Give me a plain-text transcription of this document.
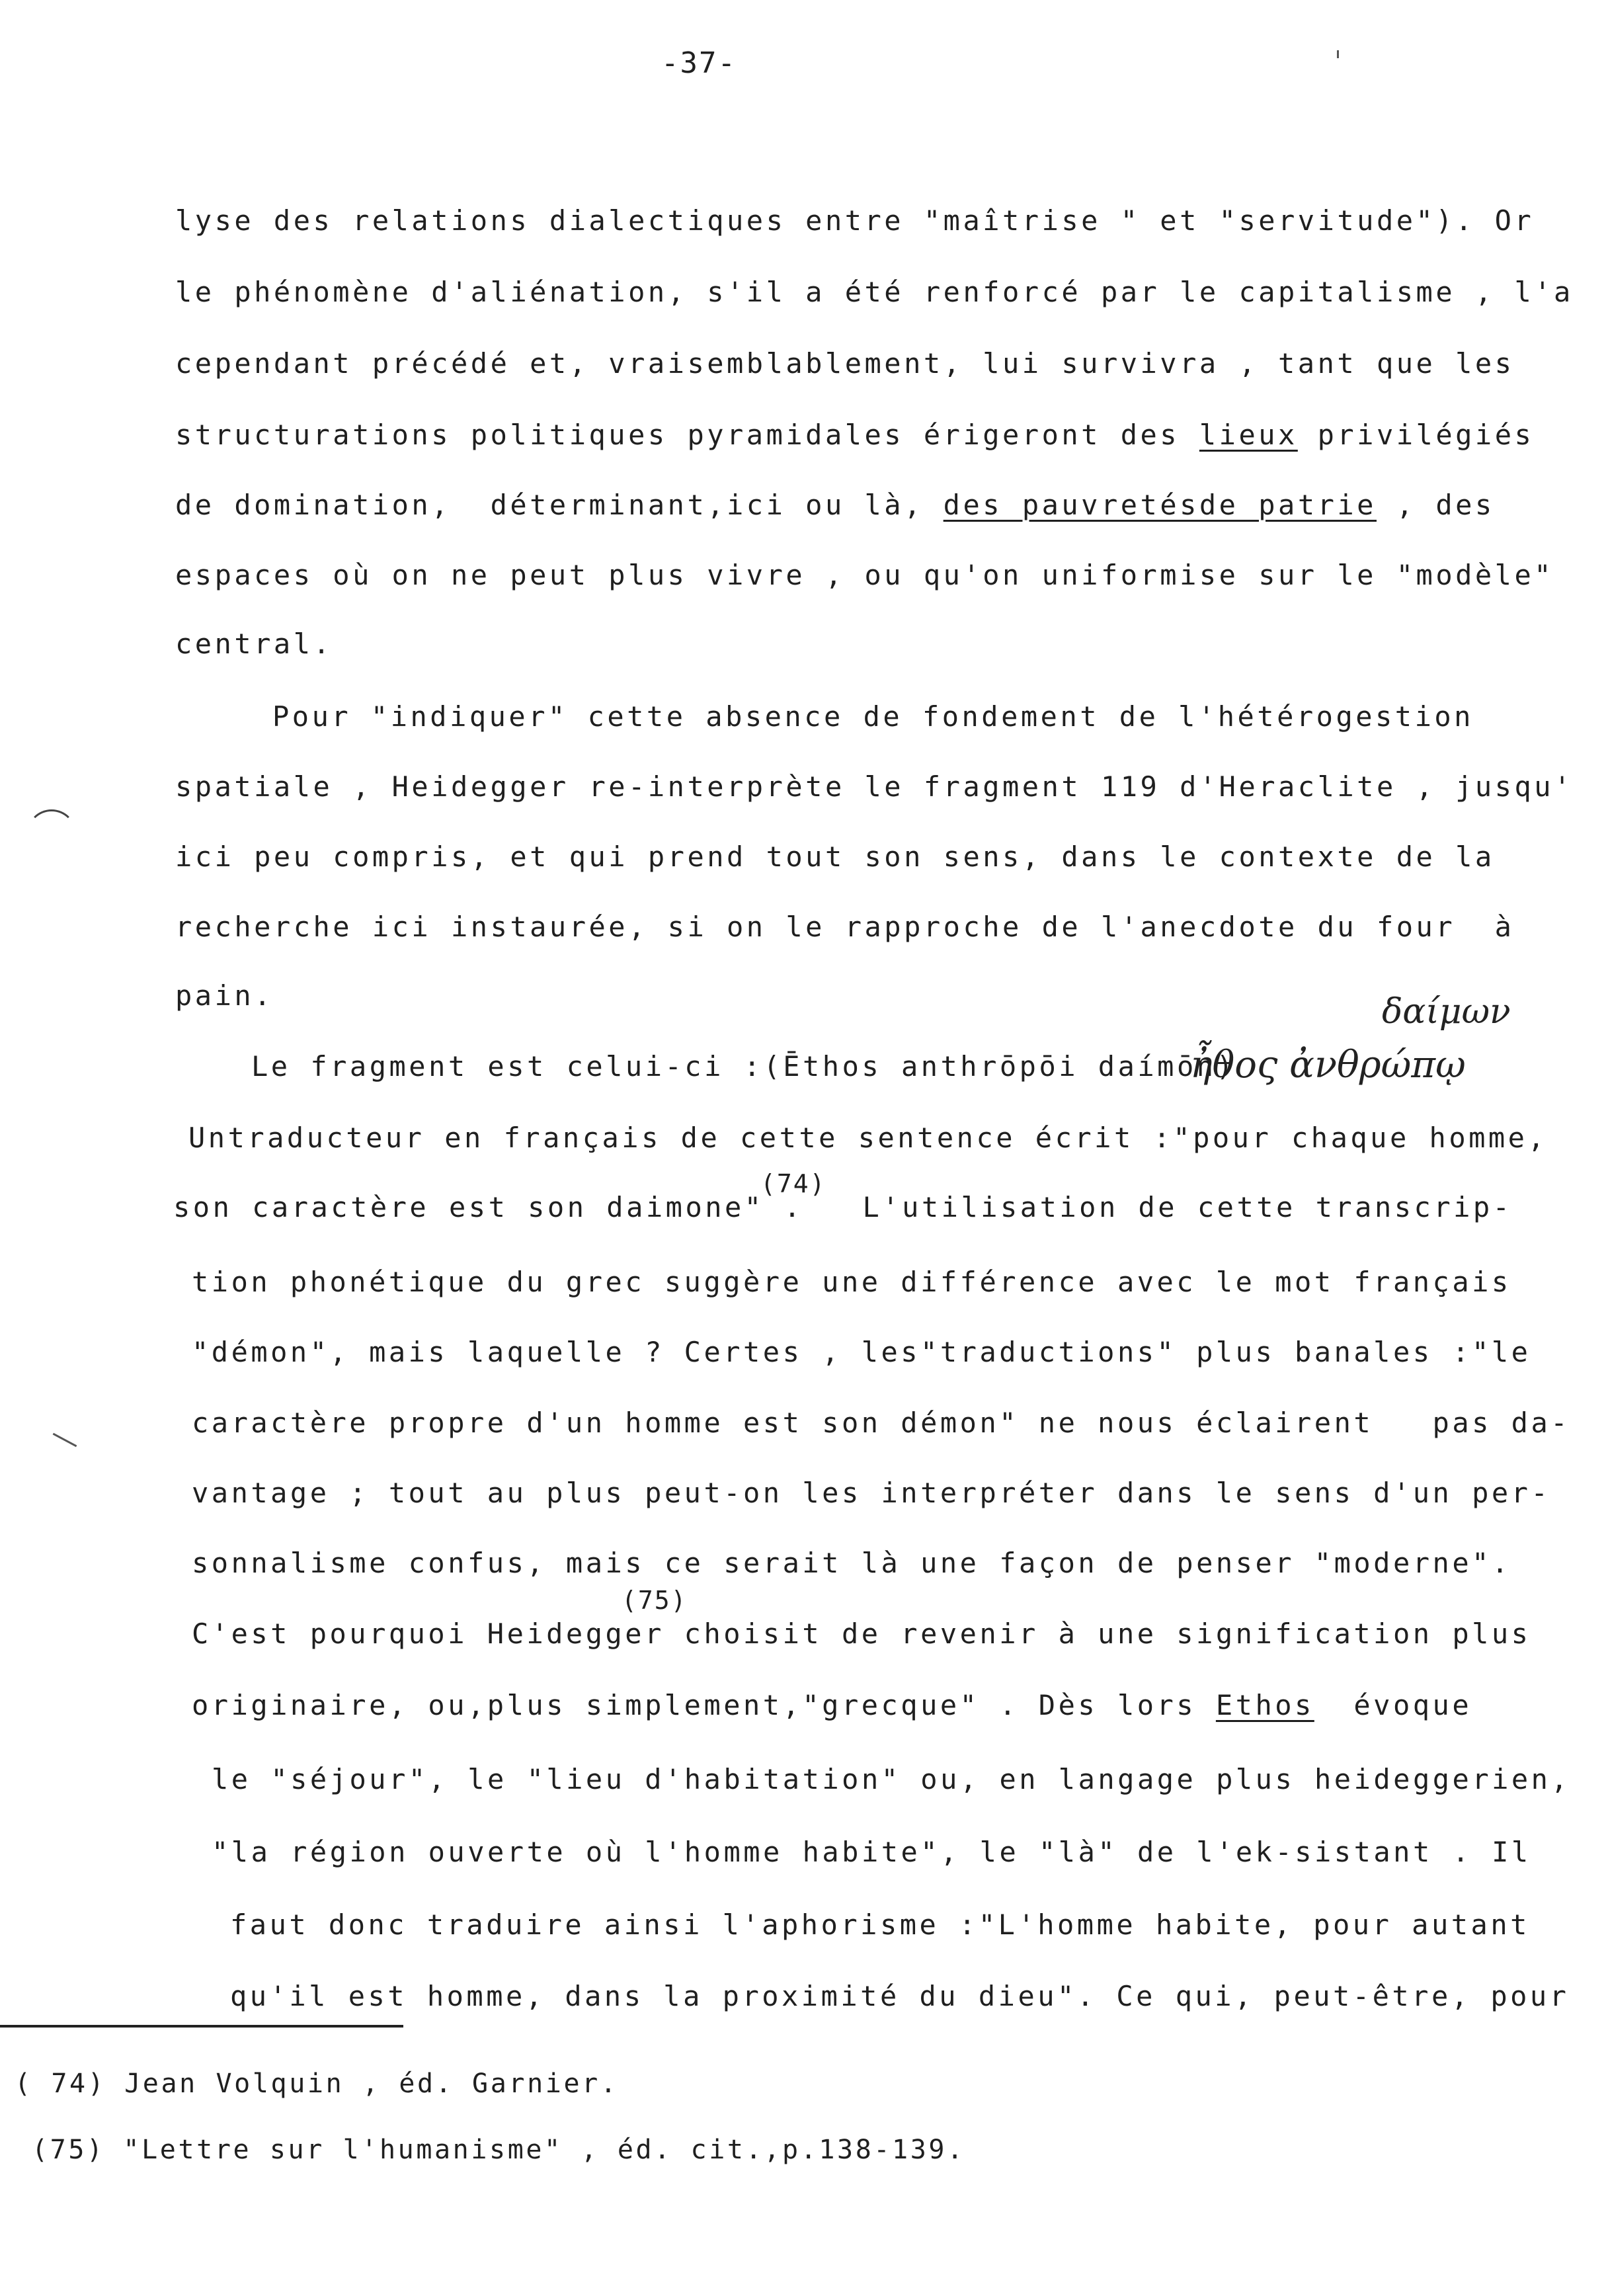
-37-
lyse des relations dialectiques entre "maîtrise " et "servitude"). Or
le phénomène d'aliénation, s'il a été renforcé par le capitalisme , l'a
cependant précédé et, vraisemblablement, lui survivra , tant que les
structurations politiques pyramidales érigeront des lieux privilégiés
de domination,  déterminant,ici ou là, des pauvretésde patrie , des
espaces où on ne peut plus vivre , ou qu'on uniformise sur le "modèle"
central.
Pour "indiquer" cette absence de fondement de l'hétérogestion
spatiale , Heidegger re-interprète le fragment 119 d'Heraclite , jusqu'
ici peu compris, et qui prend tout son sens, dans le contexte de la
recherche ici instaurée, si on le rapproche de l'anecdote du four  à
pain.
Le fragment est celui-ci :(Ēthos anthrōpōi daímōn)
ἦθος ἀνθρώπῳ
δαίμων
Untraducteur en français de cette sentence écrit :"pour chaque homme,
son caractère est son daimone" .   L'utilisation de cette transcrip-
(74)
tion phonétique du grec suggère une différence avec le mot français
"démon", mais laquelle ? Certes , les"traductions" plus banales :"le
caractère propre d'un homme est son démon" ne nous éclairent   pas da-
vantage ; tout au plus peut-on les interpréter dans le sens d'un per-
sonnalisme confus, mais ce serait là une façon de penser "moderne".
(75)
C'est pourquoi Heidegger choisit de revenir à une signification plus
originaire, ou,plus simplement,"grecque" . Dès lors Ethos  évoque
le "séjour", le "lieu d'habitation" ou, en langage plus heideggerien,
"la région ouverte où l'homme habite", le "là" de l'ek-sistant . Il
faut donc traduire ainsi l'aphorisme :"L'homme habite, pour autant
qu'il est homme, dans la proximité du dieu". Ce qui, peut-être, pour
( 74) Jean Volquin , éd. Garnier.
(75) "Lettre sur l'humanisme" , éd. cit.,p.138-139.
